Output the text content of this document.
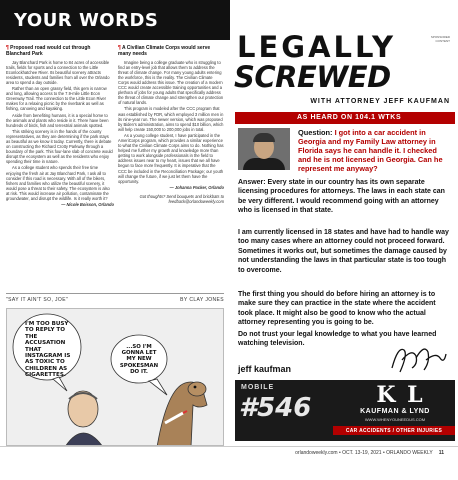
YOUR WORDS
¶ Proposed road would cut through Blanchard Park

Jay Blanchard Park is home to 84 acres of accessible trails, fields for sports and a connection to the Little Econlockhatchee River. Its beautiful scenery attracts residents, students and families from all over the Orlando area to spend a day outside.

Rather than an open grassy field, this gem is narrow and long, allowing access to the 7.9-mile Little Econ Greenway Trail. The connection to the Little Econ River makes for a relaxing picnic by the riverbank as well as fishing, canoeing and kayaking.

Aside from benefiting humans, it is a special home to the animals and plants who reside in it. There have been hundreds of birds, fish and terrestrial animals spotted.

This striking scenery is in the hands of the county representatives, as they are determining if the park stays as beautiful as we know it today. Currently, there is debate on constructing the Richard Crotty Parkway through a boundary of the park. This four-lane slab of concrete would disrupt the ecosystem as well as the residents who enjoy spending their time in nature.

As a college student who spends their free time enjoying the fresh air at Jay Blanchard Park, I ask all to consider if this road is necessary. With all of the bikers, fishers and families who utilize the beautiful scenery, it would pose a threat to their safety. The ecosystem is also at risk. This would increase air pollution, contaminate the groundwater, and disrupt the wildlife. Is it really worth it?

— Nicole Boisson, Orlando
¶ A Civilian Climate Corps would serve many needs

Imagine being a college graduate who is struggling to find an entry-level job that allows them to address the threat of climate change. For many young adults entering the workforce, this is the reality. The Civilian Climate Corps would address this issue. The creation of a modern CCC would create accessible training opportunities and a plethora of jobs for young adults that specifically address the threat of climate change and strengthen our protection of natural lands.

This program is modeled after the CCC program that was established by FDR, which employed 3 million men in its nine-year run. The newer version, which was proposed by Biden's administration, aims to spend $10 billion, which will help create 150,000 to 200,000 jobs in total.

As a young college student, I have participated in the AmeriCorps program, which provides a similar experience to what the Civilian Climate Corps aims to do. Nothing has helped me further my growth and knowledge more than getting to work alongside professionals in the field to address issues near to my heart, issues that we all have begun to face more frequently. It is imperative that the CCC be included in the Reconciliation Package; our youth will change the future, if we just let them have the opportunity.

— Johanna Packer, Orlando
Got thoughts? Send bouquets and brickbats to
feedback@orlandoweekly.com
"SAY IT AIN'T SO, JOE"	BY CLAY JONES
I'M TOO BUSY TO REPLY TO THE ACCUSATION THAT INSTAGRAM IS AS TOXIC TO CHILDREN AS CIGARETTES.
...SO I'M GONNA LET MY NEW SPOKESMAN DO IT.
LEGALLY	SPONSORED CONTENT
SCREWED
WITH ATTORNEY JEFF KAUFMAN
AS HEARD ON 104.1 WTKS
Question: I got into a car accident in Georgia and my Family Law attorney in Florida says he can handle it. I checked and he is not licensed in Georgia. Can he represent me anyway?
Answer: Every state in our country has its own separate licensing procedures for attorneys. The laws in each state can be very different. I would recommend going with an attorney who is licensed in that state.
I am currently licensed in 18 states and have had to handle way too many cases where an attorney could not proceed forward. Sometimes it works out, but sometimes the damage caused by not understanding the laws in that particular state is too tough to overcome.
The first thing you should do before hiring an attorney is to make sure they can practice in the state where the accident took place. It might also be good to know who the actual attorney representing you is going to be.
Do not trust your legal knowledge to what you have learned watching television.
jeff kaufman
MOBILE
#546	K L
KAUFMAN & LYND
WWW.WHENYOUNEEDUS.COM
CAR ACCIDENTS / OTHER INJURIES
orlandoweekly.com • OCT. 13-19, 2021 • ORLANDO WEEKLY 11
